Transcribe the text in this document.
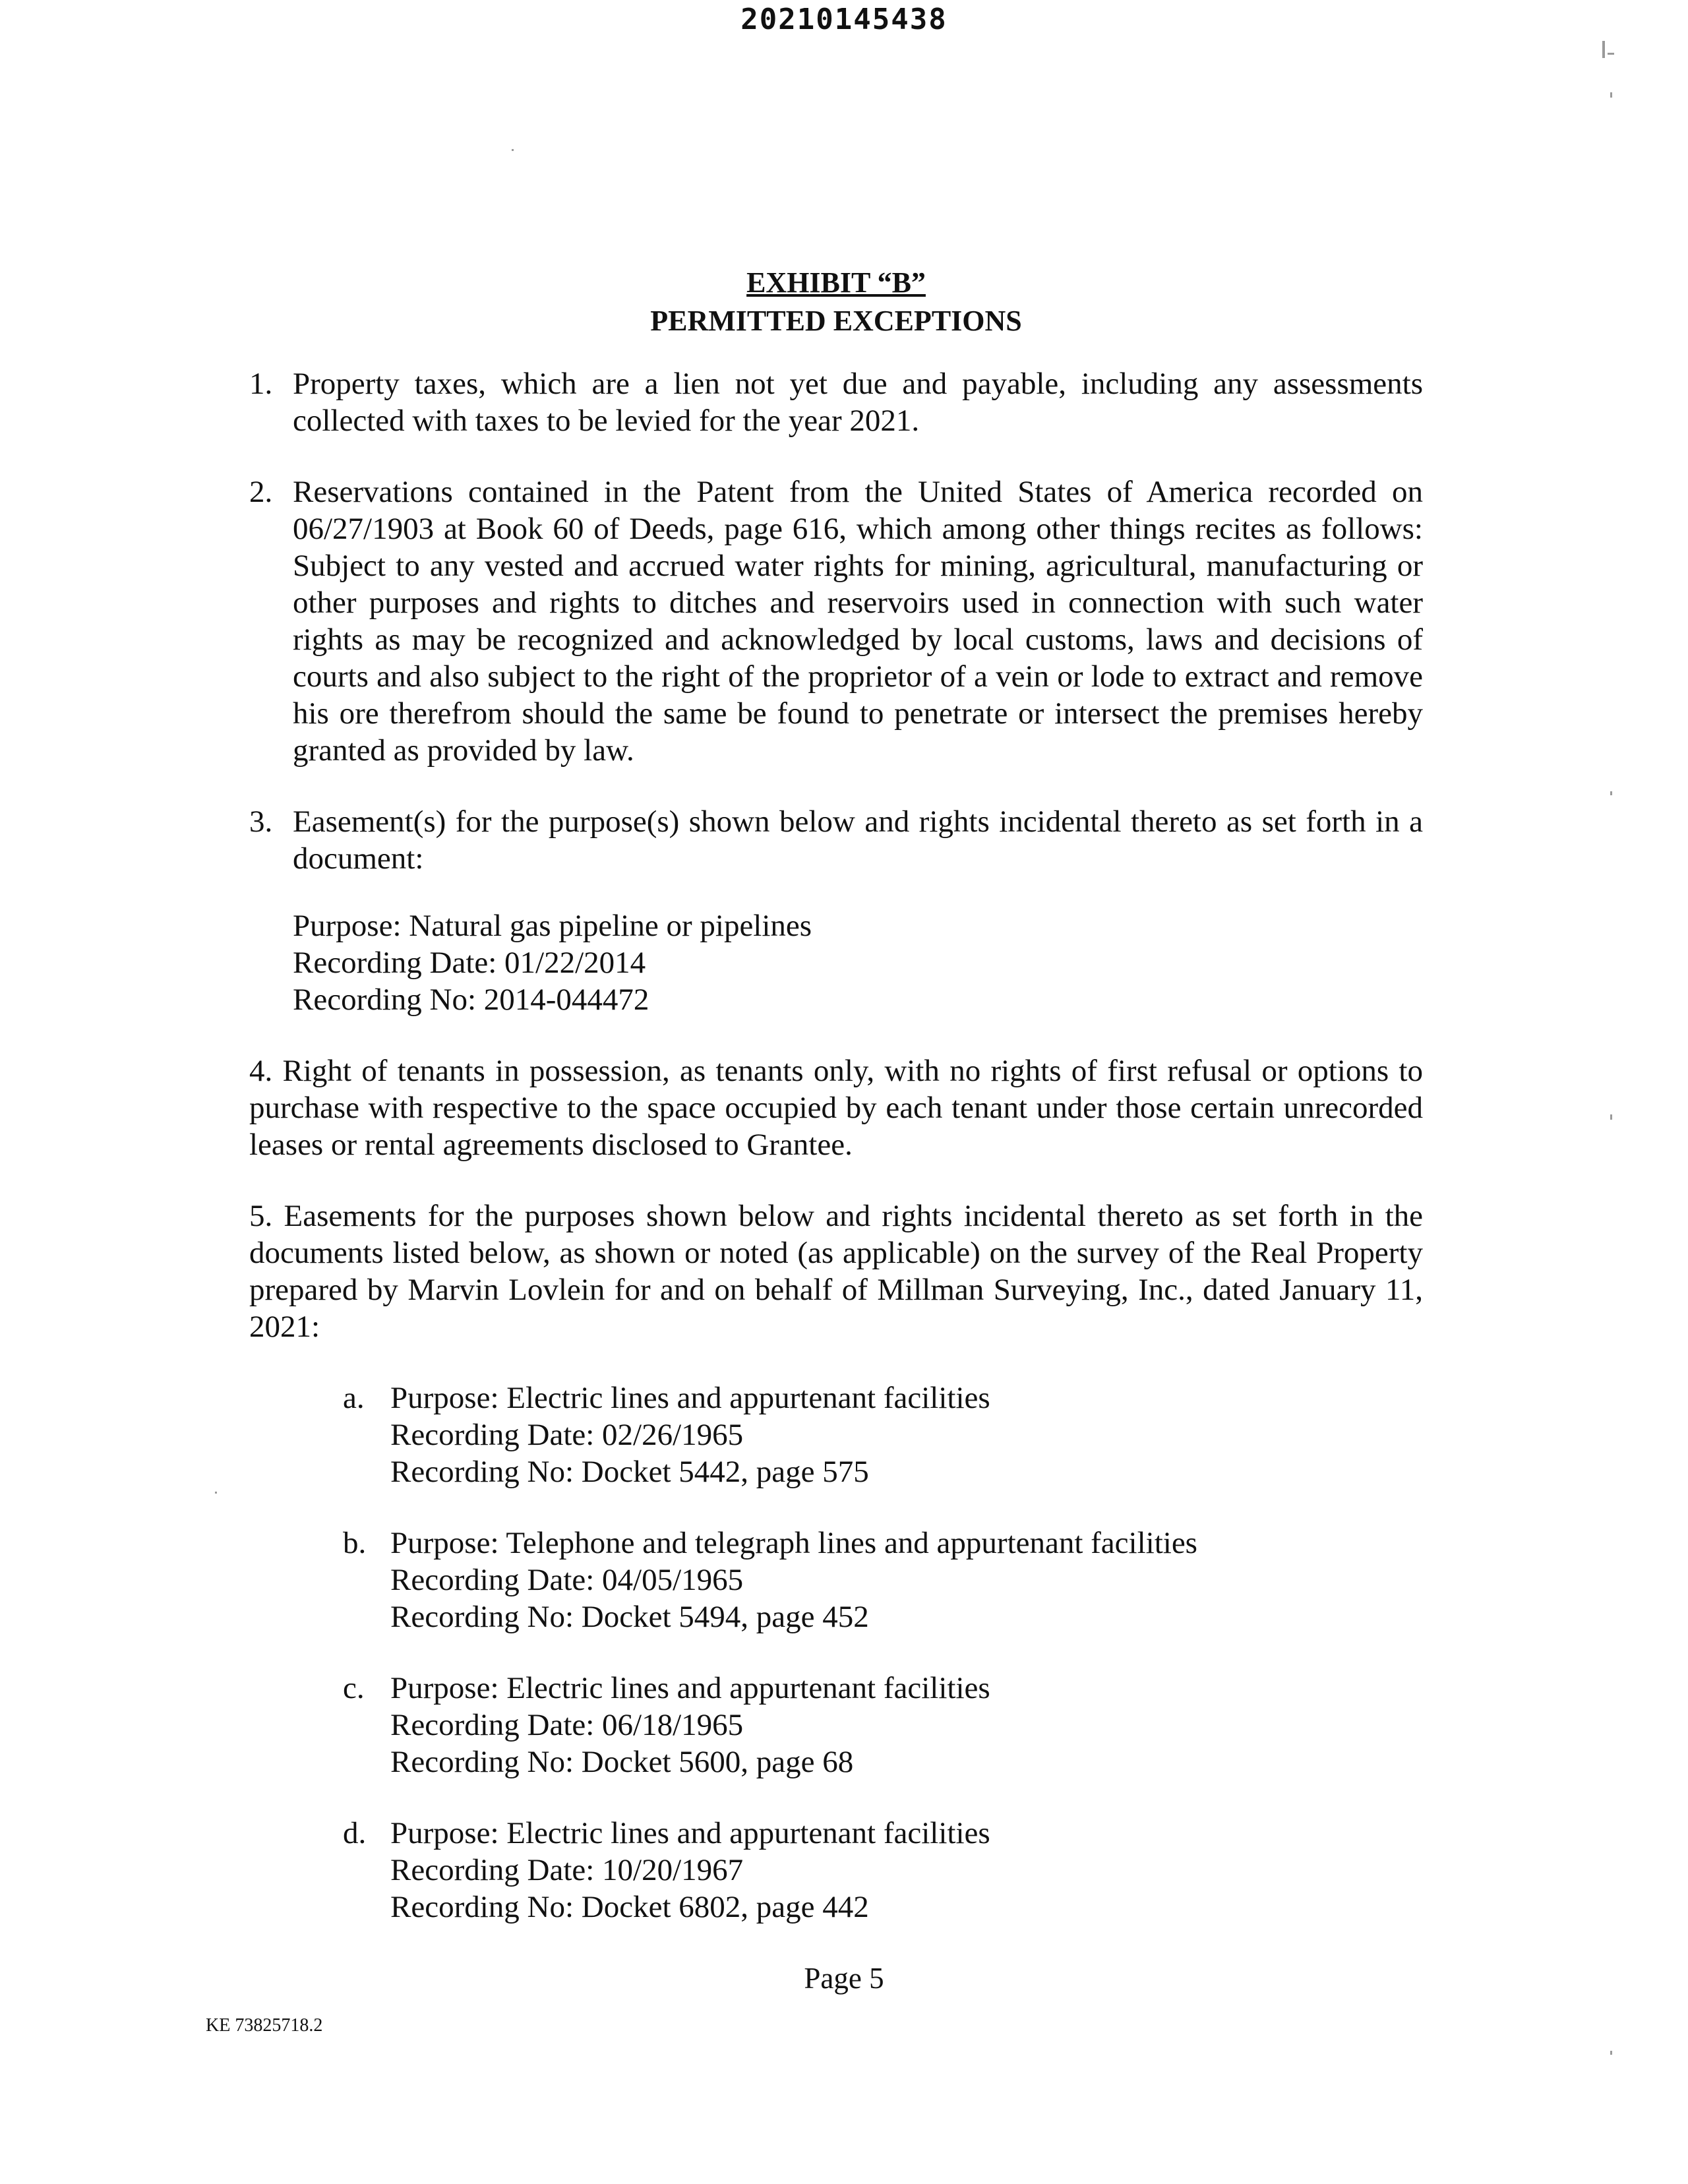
20210145438
EXHIBIT “B”
PERMITTED EXCEPTIONS
1. Property taxes, which are a lien not yet due and payable, including any assessments collected with taxes to be levied for the year 2021.

2. Reservations contained in the Patent from the United States of America recorded on 06/27/1903 at Book 60 of Deeds, page 616, which among other things recites as follows: Subject to any vested and accrued water rights for mining, agricultural, manufacturing or other purposes and rights to ditches and reservoirs used in connection with such water rights as may be recognized and acknowledged by local customs, laws and decisions of courts and also subject to the right of the proprietor of a vein or lode to extract and remove his ore therefrom should the same be found to penetrate or intersect the premises hereby granted as provided by law.

3. Easement(s) for the purpose(s) shown below and rights incidental thereto as set forth in a document:

Purpose: Natural gas pipeline or pipelines
Recording Date: 01/22/2014
Recording No: 2014-044472

4. Right of tenants in possession, as tenants only, with no rights of first refusal or options to purchase with respective to the space occupied by each tenant under those certain unrecorded leases or rental agreements disclosed to Grantee.

5. Easements for the purposes shown below and rights incidental thereto as set forth in the documents listed below, as shown or noted (as applicable) on the survey of the Real Property prepared by Marvin Lovlein for and on behalf of Millman Surveying, Inc., dated January 11, 2021:

a. Purpose: Electric lines and appurtenant facilities
Recording Date: 02/26/1965
Recording No: Docket 5442, page 575
b. Purpose: Telephone and telegraph lines and appurtenant facilities
Recording Date: 04/05/1965
Recording No: Docket 5494, page 452
c. Purpose: Electric lines and appurtenant facilities
Recording Date: 06/18/1965
Recording No: Docket 5600, page 68
d. Purpose: Electric lines and appurtenant facilities
Recording Date: 10/20/1967
Recording No: Docket 6802, page 442
Page 5
KE 73825718.2
